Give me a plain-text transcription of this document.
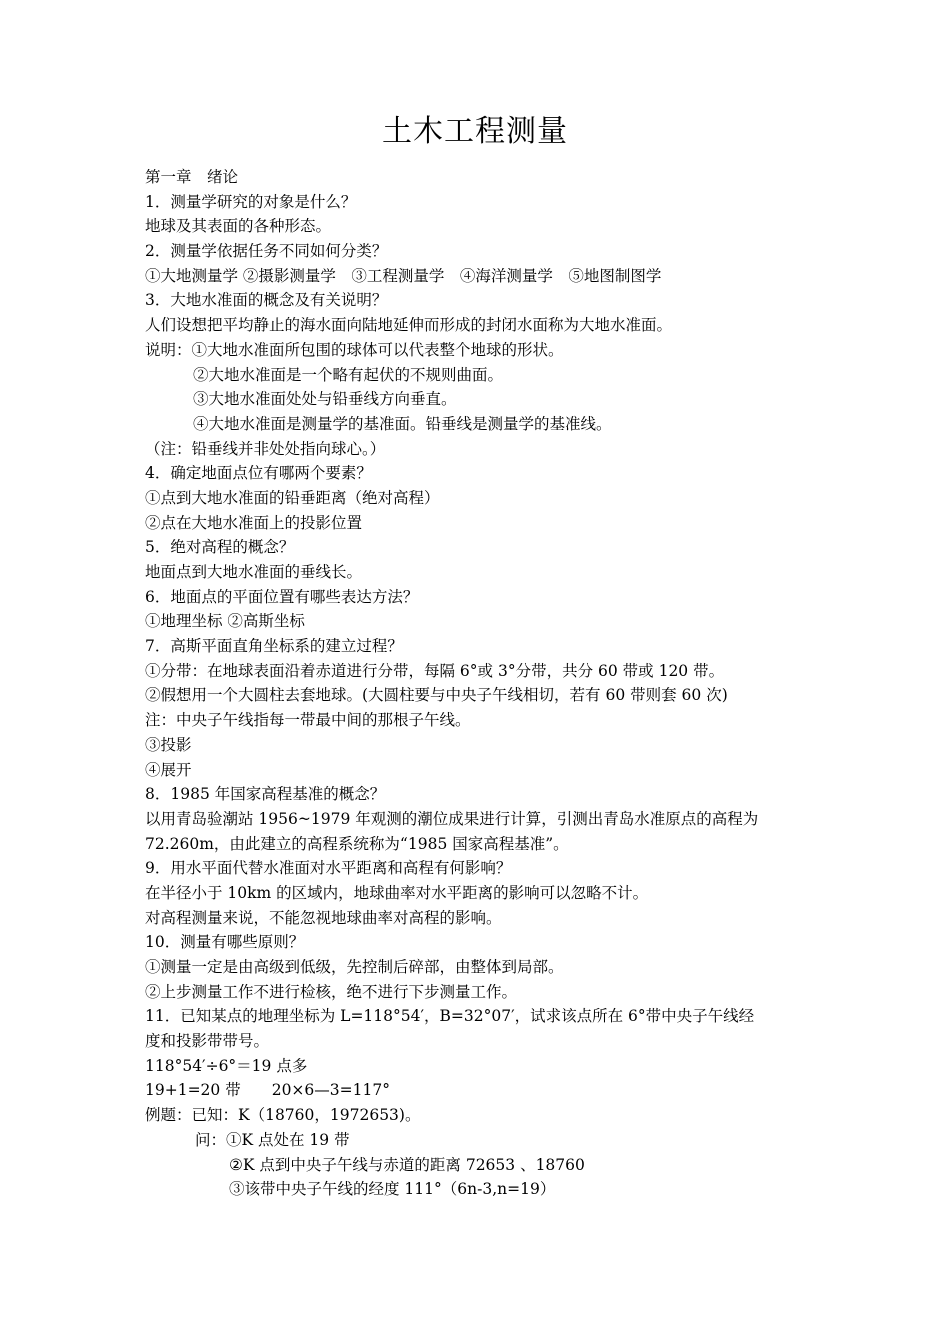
土木工程测量
第一章　绪论
1．测量学研究的对象是什么？
地球及其表面的各种形态。
2．测量学依据任务不同如何分类？
①大地测量学 ②摄影测量学　③工程测量学　④海洋测量学　⑤地图制图学
3．大地水准面的概念及有关说明？
人们设想把平均静止的海水面向陆地延伸而形成的封闭水面称为大地水准面。
说明：①大地水准面所包围的球体可以代表整个地球的形状。
②大地水准面是一个略有起伏的不规则曲面。
③大地水准面处处与铅垂线方向垂直。
④大地水准面是测量学的基准面。铅垂线是测量学的基准线。
（注：铅垂线并非处处指向球心。）
4．确定地面点位有哪两个要素？
①点到大地水准面的铅垂距离（绝对高程）
②点在大地水准面上的投影位置
5．绝对高程的概念？
地面点到大地水准面的垂线长。
6．地面点的平面位置有哪些表达方法？
①地理坐标 ②高斯坐标
7．高斯平面直角坐标系的建立过程？
①分带：在地球表面沿着赤道进行分带，每隔 6°或 3°分带，共分 60 带或 120 带。
②假想用一个大圆柱去套地球。(大圆柱要与中央子午线相切，若有 60 带则套 60 次)
注：中央子午线指每一带最中间的那根子午线。
③投影
④展开
8．1985 年国家高程基准的概念？
以用青岛验潮站 1956~1979 年观测的潮位成果进行计算，引测出青岛水准原点的高程为
72.260m，由此建立的高程系统称为“1985 国家高程基准”。
9．用水平面代替水准面对水平距离和高程有何影响？
在半径小于 10km 的区域内，地球曲率对水平距离的影响可以忽略不计。
对高程测量来说，不能忽视地球曲率对高程的影响。
10．测量有哪些原则？
①测量一定是由高级到低级，先控制后碎部，由整体到局部。
②上步测量工作不进行检核，绝不进行下步测量工作。
11．已知某点的地理坐标为 L=118°54′，B=32°07′，试求该点所在 6°带中央子午线经
度和投影带带号。
118°54′÷6°＝19 点多
19+1=20 带　　20×6—3=117°
例题：已知：K（18760，1972653)。
问：①K 点处在 19 带
②K 点到中央子午线与赤道的距离 72653 、18760
③该带中央子午线的经度 111°（6n-3,n=19）
